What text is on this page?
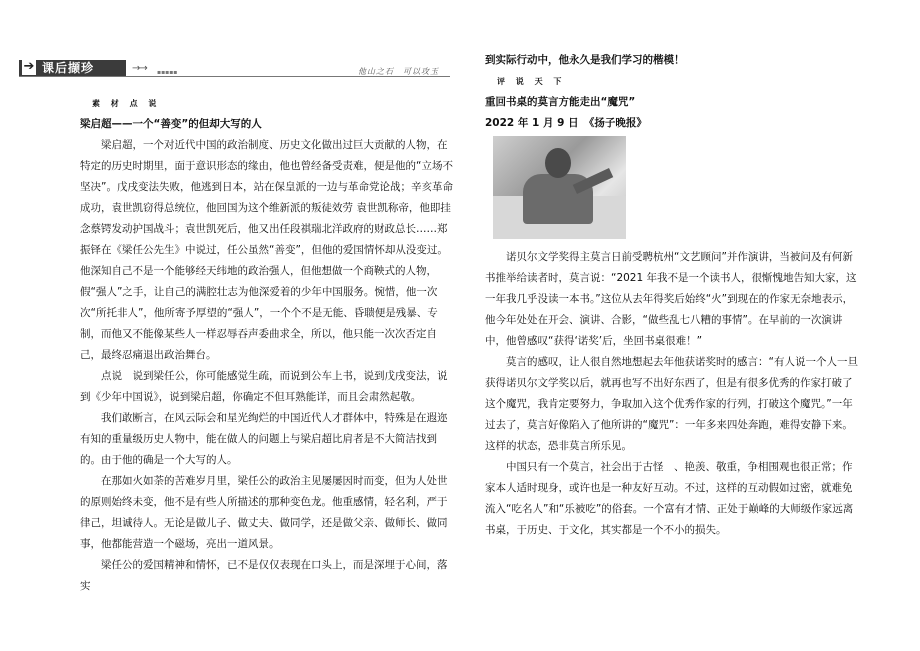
➔ 课后撷珍	→→ ▪▪▪▪▪	他山之石　可以攻玉

素 材 点 说

梁启超——一个“善变”的但却大写的人

梁启超，一个对近代中国的政治制度、历史文化做出过巨大贡献的人物，在特定的历史时期里，面于意识形态的缘由，他也曾经备受责难，便是他的“立场不坚决”。戊戌变法失败，他逃到日本，站在保皇派的一边与革命党论战；辛亥革命成功，袁世凯窃得总统位，他回国为这个维新派的叛徒效劳 袁世凯称帝，他即挂念蔡锷发动护国战斗；袁世凯死后，他又出任段祺瑞北洋政府的财政总长……郑振铎在《梁任公先生》中说过，任公虽然“善变”，但他的爱国情怀却从没变过。他深知自己不是一个能够经天纬地的政治强人，但他想做一个商鞅式的人物，假“强人”之手，让自己的满腔壮志为他深爱着的少年中国服务。惋惜，他一次次“所托非人”，他所寄予厚望的“强人”，一个个不是无能、昏聩便是残暴、专制，而他又不能像某些人一样忍辱吞声委曲求全，所以，他只能一次次否定自己，最终忍痛退出政治舞台。

点说　说到梁任公，你可能感觉生疏，而说到公车上书，说到戊戌变法，说到《少年中国说》，说到梁启超，你确定不但耳熟能详，而且会肃然起敬。

我们敢断言，在风云际会和星光绚烂的中国近代人才群体中，特殊是在遐迩有知的重量级历史人物中，能在做人的问题上与梁启超比肩者是不大简洁找到的。由于他的确是一个大写的人。

在那如火如荼的苦难岁月里，梁任公的政治主见屡屡因时而变，但为人处世的原则始终未变，他不是有些人所描述的那种变色龙。他重感情，轻名利，严于律己，坦诚待人。无论是做儿子、做丈夫、做同学，还是做父亲、做师长、做同事，他都能营造一个磁场，亮出一道风景。

梁任公的爱国精神和情怀，已不是仅仅表现在口头上，而是深埋于心间，落实

到实际行动中，他永久是我们学习的楷模！

评 说 天 下

重回书桌的莫言方能走出“魔咒”

2022 年 1 月 9 日　《扬子晚报》

诺贝尔文学奖得主莫言日前受聘杭州“文艺顾问”并作演讲，当被问及有何新书推举给读者时，莫言说：“2021 年我不是一个读书人，很惭愧地告知大家，这一年我几乎没读一本书。”这位从去年得奖后始终“火”到现在的作家无奈地表示，他今年处处在开会、演讲、合影，“做些乱七八糟的事情”。在早前的一次演讲中，他曾感叹“获得‘诺奖’后，坐回书桌很难！”

莫言的感叹，让人很自然地想起去年他获诺奖时的感言：“有人说一个人一旦获得诺贝尔文学奖以后，就再也写不出好东西了，但是有很多优秀的作家打破了这个魔咒，我肯定要努力，争取加入这个优秀作家的行列，打破这个魔咒。”一年过去了，莫言好像陷入了他所讲的“魔咒”：一年多来四处奔跑，难得安静下来。这样的状态，恐非莫言所乐见。

中国只有一个莫言，社会出于古怪　、艳羡、敬重，争相围观也很正常；作家本人适时现身，或许也是一种友好互动。不过，这样的互动假如过密，就难免流入“吃名人”和“乐被吃”的俗套。一个富有才情、正处于巅峰的大师级作家远离书桌，于历史、于文化，其实都是一个不小的损失。
